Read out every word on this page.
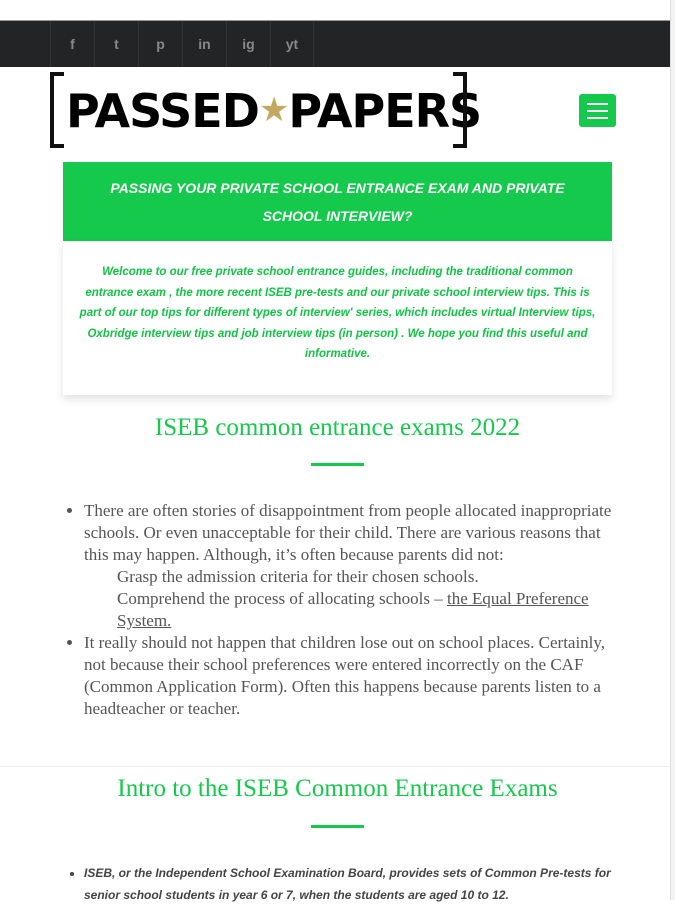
f	t	p	in	ig	yt
PASSED★PAPERS
PASSING YOUR PRIVATE SCHOOL ENTRANCE EXAM AND PRIVATE SCHOOL INTERVIEW?
Welcome to our free private school entrance guides, including the traditional common entrance exam , the more recent ISEB pre-tests and our private school interview tips. This is part of our top tips for different types of interview' series, which includes virtual Interview tips, Oxbridge interview tips and job interview tips (in person) . We hope you find this useful and informative.
ISEB common entrance exams 2022
• There are often stories of disappointment from people allocated inappropriate schools. Or even unacceptable for their child. There are various reasons that this may happen. Although, it’s often because parents did not:
Grasp the admission criteria for their chosen schools.
Comprehend the process of allocating schools – the Equal Preference System.
• It really should not happen that children lose out on school places. Certainly, not because their school preferences were entered incorrectly on the CAF (Common Application Form). Often this happens because parents listen to a headteacher or teacher.
Intro to the ISEB Common Entrance Exams
• ISEB, or the Independent School Examination Board, provides sets of Common Pre-tests for senior school students in year 6 or 7, when the students are aged 10 to 12.
